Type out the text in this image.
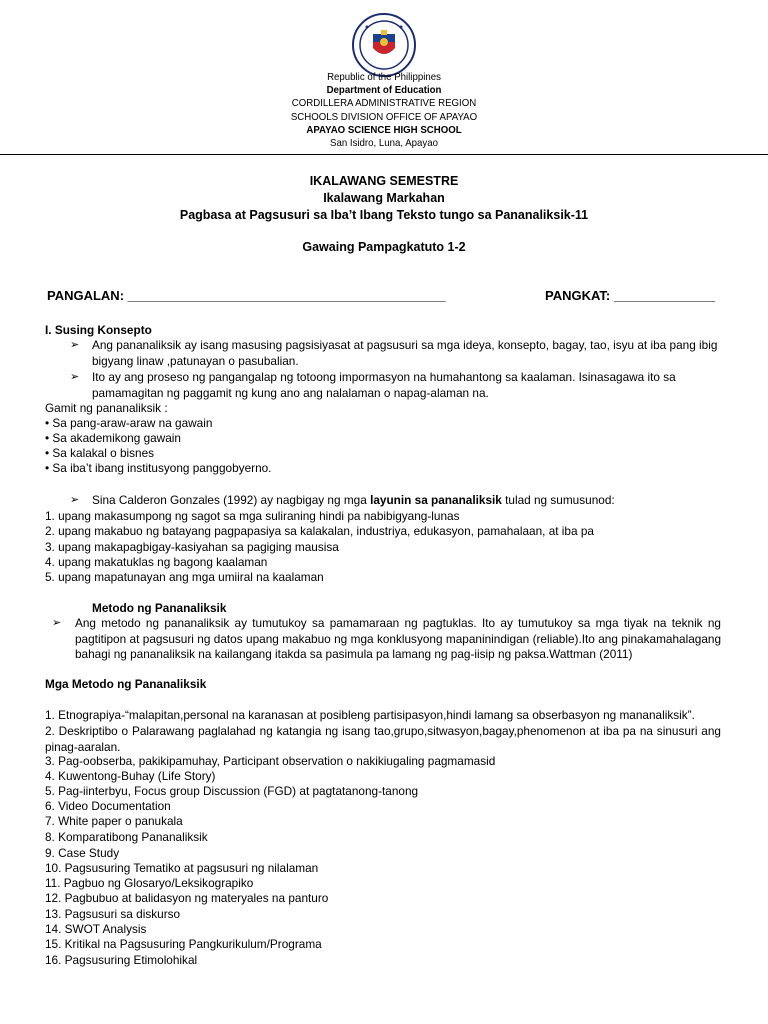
Republic of the Philippines
Department of Education
CORDILLERA ADMINISTRATIVE REGION
SCHOOLS DIVISION OFFICE OF APAYAO
APAYAO SCIENCE HIGH SCHOOL
San Isidro, Luna, Apayao
IKALAWANG SEMESTRE
Ikalawang Markahan
Pagbasa at Pagsusuri sa Iba’t Ibang Teksto tungo sa Pananaliksik-11
Gawaing Pampagkatuto 1-2
PANGALAN: ____________________________________________	PANGKAT: ______________
I. Susing Konsepto
➢ Ang pananaliksik ay isang masusing pagsisiyasat at pagsusuri sa mga ideya, konsepto, bagay, tao, isyu at iba pang ibig
bigyang linaw ,patunayan o pasubalian.
➢ Ito ay ang proseso ng pangangalap ng totoong impormasyon na humahantong sa kaalaman. Isinasagawa ito sa
pamamagitan ng paggamit ng kung ano ang nalalaman o napag-alaman na.
Gamit ng pananaliksik :
• Sa pang-araw-araw na gawain
• Sa akademikong gawain
• Sa kalakal o bisnes
• Sa iba’t ibang institusyong panggobyerno.
➢ Sina Calderon Gonzales (1992) ay nagbigay ng mga layunin sa pananaliksik tulad ng sumusunod:
1. upang makasumpong ng sagot sa mga suliraning hindi pa nabibigyang-lunas
2. upang makabuo ng batayang pagpapasiya sa kalakalan, industriya, edukasyon, pamahalaan, at iba pa
3. upang makapagbigay-kasiyahan sa pagiging mausisa
4. upang makatuklas ng bagong kaalaman
5. upang mapatunayan ang mga umiiral na kaalaman
Metodo ng Pananaliksik
➢ Ang metodo ng pananaliksik ay tumutukoy sa pamamaraan ng pagtuklas. Ito ay tumutukoy sa mga tiyak na teknik ng pagtitipon at pagsusuri ng datos upang makabuo ng mga konklusyong mapaninindigan (reliable).Ito ang pinakamahalagang bahagi ng pananaliksik na kailangang itakda sa pasimula pa lamang ng pag-iisip ng paksa.Wattman (2011)
Mga Metodo ng Pananaliksik
1. Etnograpiya-“malapitan,personal na karanasan at posibleng partisipasyon,hindi lamang sa obserbasyon ng mananaliksik”.
2. Deskriptibo o Palarawang paglalahad ng katangia ng isang tao,grupo,sitwasyon,bagay,phenomenon at iba pa na sinusuri ang pinag-aaralan.
3. Pag-oobserba, pakikipamuhay, Participant observation o nakikiugaling pagmamasid
4. Kuwentong-Buhay (Life Story)
5. Pag-iinterbyu, Focus group Discussion (FGD) at pagtatanong-tanong
6. Video Documentation
7. White paper o panukala
8. Komparatibong Pananaliksik
9. Case Study
10. Pagsusuring Tematiko at pagsusuri ng nilalaman
11. Pagbuo ng Glosaryo/Leksikograpiko
12. Pagbubuo at balidasyon ng materyales na panturo
13. Pagsusuri sa diskurso
14. SWOT Analysis
15. Kritikal na Pagsusuring Pangkurikulum/Programa
16. Pagsusuring Etimolohikal
